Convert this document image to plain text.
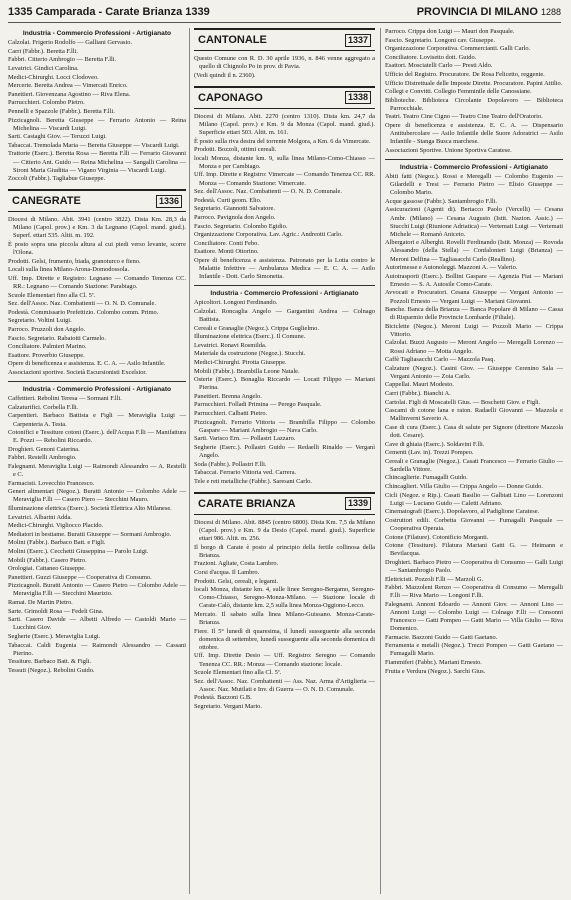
1335 Camparada - Carate Brianza 1339	PROVINCIA DI MILANO 1288
Industria - Commercio Professioni - Artigianato

Calzolai. Frigerio Rodolfo — Galliani Gervasio.

Carri (Fabbr.). Beretta F.lli.

Fabbri. Citterio Ambrogio — Beretta F.lli.

Levatrici. Gindici Carolina.

Medici-Chirurghi. Locci Clodoveo.

Mercerie. Beretta Andrea — Vimercati Enrico.

Panettieri. Giovenzana Agostino — Riva Elena.

Parrucchieri. Colombo Pietro.

Pennelli e Spazzole (Fabbr.). Beretta F.lli.

Pizzicagnoli. Beretta Giuseppe — Ferrario Antonio — Reina Michelina — Viscardi Luigi.

Sarti. Castaghi Giov. — Teruzzi Luigi.

Tabaccai. Tremolada Maria — Beretta Giuseppe — Viscardi Luigi.

Trattorie (Eserc.). Beretta Rosa — Beretta F.lli — Ferrario Giovanni — Citterio Ant. Guido — Reina Michelina — Sangalli Carolina — Sironi Maria Giuditta — Vigano Virginia — Viscardi Luigi.

Zoccoli (Fabbr.). Tagliabue Giuseppe.

CANEGRATE	1336

Diocesi di Milano. Abit. 3941 (centro 3822). Dista Km. 28,3 da Milano (Capol. prov.) e Km. 3 da Legnano (Capol. mand. giud.). Superf. ettari 535. Altit. m. 192.

È posto sopra una piccola altura al cui piedi verso levante, scorre l'Olona.

Prodotti. Gelsi, frumento, biada, granoturco e fieno.

Locali sulla linea Milano-Arona-Domodossola.

Uff. Imp. Dirette e Registro: Legnano — Comando Tenenza CC. RR.: Legnano — Comando Stazione: Parabiago.

Scuole Elementari fino alla Cl. 5ª.

Sez. dell'Assoc. Naz. Combattenti — O. N. D. Comunale.

Podestà. Commissario Prefettizio. Colombo comm. Primo.

Segretario. Voltini Luigi.

Parroco. Pruzzoli don Angelo.

Fascio. Segretario. Rabaiotti Carmelo.

Conciliatore. Palmieri Marino.

Esattore. Proverbio Giuseppe.

Opere di beneficenza e assistenza. E. C. A. — Asilo Infantile.

Associazioni sportive. Società Escursionisti Excelsior.

Industria - Commercio Professioni - Artigianato

Caffettieri. Rebolini Teresa — Sormani F.lli.

Calzaturifici. Corbella F.lli.

Carpentieri. Barbaco Battista e Figli — Meraviglia Luigi — Carpenteria A. Testa.

Cotonifici e Tessiture cotoni (Eserc.). dell'Acqua F.lli — Manifattura E. Pozzi — Rebolini Riccardo.

Droghieri. Genoni Caterina.

Fabbri. Restelli Ambrogio.

Falegnami. Meraviglia Luigi — Raimondi Alessandro — A. Restelli e C.

Farmacisti. Lovecchio Francesco.

Generi alimentari (Negoz.). Buratti Antonio — Colombo Adele — Meraviglia F.lli — Casero Piero — Stecchini Mauro.

Illuminazione elettrica (Eserc.). Società Elettrica Alto Milanese.

Levatrici. Albarini Adda.

Medici-Chirurghi. Vigliocco Placido.

Mediatori in bestiame. Buratti Giuseppe — Sormani Ambrogio.

Molini (Fabbr.). Barbaco Batt. e Figli.

Molini (Eserc.). Cecchetti Giuseppina — Parolo Luigi.

Mobili (Fabbr.). Casero Pietro.

Orologiai. Cattaneo Giuseppe.

Panettieri. Guzzi Giuseppe — Cooperativa di Consumo.

Pizzicagnoli. Buratti Antonio — Casero Pietro — Colombo Adele — Meraviglia F.lli — Stecchini Maurizio.

Ramai. De Martin Pietro.

Sarte. Grimoldi Rosa — Fedeli Gina.

Sarti. Casero Davide — Albetti Alfredo — Castoldi Mario — Lucchini Giov.

Segherie (Eserc.). Meraviglia Luigi.

Tabaccai. Caldi Eugenia — Raimondi Alessandro — Cassani Pierino.

Tessiture. Barbaco Batt. & Figli.

Tessuti (Negoz.). Rebolini Guido.

CANTONALE	1337

Questo Comune con R. D. 30 aprile 1936, n. 846 venne aggregato a quello di Chignolo Po in prov. di Pavia.

(Vedi quindi il n. 2360).

CAPONAGO	1338

Diocesi di Milano. Abit. 2270 (centro 1310). Dista km. 24,7 da Milano (Capol. prov.) e Km. 9 da Monza (Capol. mand. giud.). Superficie ettari 503. Altit. m. 161.

È posto sulla riva destra del torrente Molgora, a Km. 6 da Vimercate.

Prodotti. Bozzoli, ottimi cereali.

locali Monza, distante km. 9, sulla linea Milano-Como-Chiasso — Monza e per Cambiago.

Uff. Imp. Dirette e Registro: Vimercate — Comando Tenenza CC. RR. Monza — Comando Stazione: Vimercate.

Sez. dell'Assoc. Naz. Combattenti — O. N. D. Comunale.

Podestà. Curti geom. Elio.

Segretario. Giannotti Salvatore.

Parroco. Pavignola don Angelo.

Fascio. Segretario. Colombo Egidio.

Organizzazione Corporativa. Lav. Agric.: Andreotti Carlo.

Conciliatore. Conti Febo.

Esattore. Monti Ottorino.

Opere di beneficenza e assistenza. Patronato per la Lotta contro le Malattie Infettive — Ambulanza Medica — E. C. A. — Asilo Infantile - Dott. Carlo Simonetta.

Industria - Commercio Professioni - Artigianato

Apicoltori. Longoni Ferdinando.

Calzolai. Roncaglia Angelo — Gargantini Andrea — Colnago Battista.

Cereali e Granaglie (Negoz.). Crippa Guglielmo.

Illuminazione elettrica (Eserc.). Il Comune.

Levatrici. Ronavi Rosmilda.

Materiale da costruzione (Negoz.). Stucchi.

Medici-Chirurghi. Pirotta Giuseppe.

Mobili (Fabbr.). Brambilla Leone Natale.

Osterie (Eserc.). Bonaglia Riccardo — Locati Filippo — Mariani Pierina.

Panettieri. Brenna Angelo.

Parrucchieri. Folladi Primina — Perego Pasquale.

Parrucchieri. Calbatti Pietro.

Pizzicagnoli. Ferrario Vittoria — Brambilla Filippo — Colombo Gaspare — Mariani Ambrogio — Nava Carlo.

Sarti. Varisco Ern. — Pollastri Lazzaro.

Segherie (Eserc.). Pollastri Guido — Redaelli Rinaldo — Verganì Angelo.

Soda (Fabbr.). Pollastri F.lli.

Tabaccai. Ferrario Vittoria ved. Carrera.

Tele e reti metalliche (Fabbr.). Saresani Carlo.

CARATE BRIANZA	1339

Diocesi di Milano. Abit. 8845 (centro 6800). Dista Km. 7,5 da Milano (Capol. prov.) e Km. 9 da Desio (Capol. mand. giud.). Superficie ettari 986. Altit. m. 256.

Il borgo di Carate è posto al principio della fertile collinosa della Brianza.

Frazioni. Agliate, Costa Lambro.

Corsi d'acqua. Il Lambro.

Prodotti. Gelsi, cereali, e legami.

locali Monza, distante km. 4, sulle linee Seregno-Bergamo, Seregno-Como-Chiasso, Seregno-Monza-Milano. — Stazione locale di Carate-Calò, distante km. 2,5 sulla linea Monza-Oggiono-Lecco.

Mercato. Il sabato sulla linea Milano-Guissano. Monza-Carate-Brianza.

Fiere. Il 5° lunedì di quaresima, il lunedì susseguente alla seconda domenica di settembre, lunedì susseguente alla seconda domenica di ottobre.

Uff. Imp. Dirette Desio — Uff. Registro: Seregno — Comando Tenenza CC. RR.: Monza — Comando stazione: locale.

Scuole Elementari fino alla Cl. 5ª.

Sez. dell'Assoc. Naz. Combattenti — Ass. Naz. Arma d'Artiglieria — Assoc. Naz. Mutilati e Inv. di Guerra — O. N. D. Comunale.

Podestà. Bazzoni G.B.

Segretario. Vergani Mario.

Parroco. Crippa don Luigi — Mauri don Pasquale.

Fascio. Segretario. Longoni cav. Giuseppe.

Organizzazione Corporativa. Commercianti. Galli Carlo.

Conciliatore. Lovisetto dott. Guido.

Esattori. Mosciatelli Carlo — Presti Aldo.

Ufficio del Registro. Procuratore. De Rosa Felicetto, reggente.

Ufficio Distrettuale delle Imposte Dirette. Procuratore. Papini Attilio.

Collegi e Convitti. Collegio Femminile delle Canossiane.

Biblioteche. Biblioteca Circolante Dopolavoro — Biblioteca Parrocchiale.

Teatri. Teatro Cine Cigno — Teatro Cine Teatro dell'Oratorio.

Opere di beneficenza e assistenza. E. C. A. — Dispensario Antitubercolare — Asilo Infantile delle Suore Adoratrici — Asilo Infantile - Stanga Busca marchese.

Associazioni Sportive. Unione Sportiva Caratese.

Industria - Commercio Professioni - Artigianato

Abiti fatti (Negoz.). Rossi e Meregalli — Colombo Eugenio — Gilardelli e Tresi — Ferrario Pietro — Elisio Giuseppe — Colombo Mario.

Acque gassose (Fabbr.). Santambrogio F.lli.

Assicurazioni (Agenti di). Bertacco Paolo (Vercelli) — Cesana Ambr. (Milano) — Cesana Augusto (Istit. Nazion. Assic.) — Stucchi Luigi (Riunione Adriatica) — Vertemati Luigi — Vertemati Michele — Romanò Aniceto.

Albergatori e Alberghi. Rovelli Ferdinando (Istit. Monza) — Rovoda Alessandro (della Stella) — Confalonieri Luigi (Brianza) — Meroni Delfina — Tagliasacchi Carlo (Reallino).

Autorimesse e Autonoleggi. Mazzoni A. — Valerio.

Autotrasporti (Eserc.). Bollini Gaspare — Agenzia Fiat — Mariani Ernesto — S. A. Autosile Como-Carate.

Avvocati e Procuratori. Cesana Giuseppe — Vergani Antonio — Pozzoli Ernesto — Vergani Luigi — Mariani Giovanni.

Banche. Banca della Brianza — Banca Popolare di Milano — Cassa di Risparmio delle Provincie Lombarde (Filiale).

Biciclette (Negoz.). Meroni Luigi — Pozzoli Mario — Crippa Vittorio.

Calzolai. Buzzi Augusto — Meroni Angelo — Meregalli Lorenzo — Rossi Adriano — Motta Angelo.

Caffè Tagliasacchi Carlo — Mazzola Pasq.

Calzature (Negoz.). Casini Giov. — Giuseppe Cerenino Sala — Vergani Antonio — Zoia Carlo.

Cappellai. Mauri Modesto.

Carri (Fabbr.). Bianchi A.

Cartolai. Figli di Moscatelli Gius. — Boschetti Giov. e Figli.

Cascami di cotone lana e raion. Radaelli Giovanni — Mazzola e Mallinverni Saverio A.

Case di cura (Eserc.). Casa di salute per Signore (direttore Mazzola dott. Cesare).

Cave di ghiaia (Eserc.). Soldavini F.lli.

Cementi (Lav. in). Trezzi Pompeo.

Cereali e Granaglie (Negoz.). Casati Francesco — Ferrario Giulio — Sardella Vittore.

Chincaglierie. Fumagalli Guido.

Chincaglieri. Villa Giulio — Crippa Angelo — Donne Guido.

Cicli (Negoz. e Rip.). Casati Basilio — Galbiati Lino — Lorenzoni Luigi — Luciano Guido — Caletti Adriano.

Cinematografi (Eserc.). Dopolavoro, al Padiglione Caratese.

Costruttori edili. Corbetta Giovanni — Fumagalli Pasquale — Cooperativa Operaia.

Cotone (Filature). Cotonificio Morganti.

Cotone (Tessiture). Filatura Mariani Gatti G. — Heimann e Bevilacqua.

Droghieri. Barbaco Pietro — Cooperativa di Consumo — Galli Luigi — Santambrogio Paolo.

Elettricisti. Pozzoli F.lli — Marzoli G.

Fabbri. Mazzoleni Renzo — Cooperativa di Consumo — Meregalli F.lli — Riva Mario — Longoni F.lli.

Falegnami. Annoni Edoardo — Annoni Giov. — Annoni Lino — Annoni Luigi — Colombo Luigi — Colnago F.lli — Consonni Francesco — Gatti Pompeo — Gatti Mario — Villa Giulio — Riva Domenico.

Farmacie. Bazzoni Guido — Gatti Gaetano.

Ferramenta e metalli (Negoz.). Trezzi Pompeo — Gatti Gaetano — Fumagalli Mario.

Fiammiferi (Fabbr.). Mariani Ernesto.

Frutta e Verdura (Negoz.). Sarchi Gius.
